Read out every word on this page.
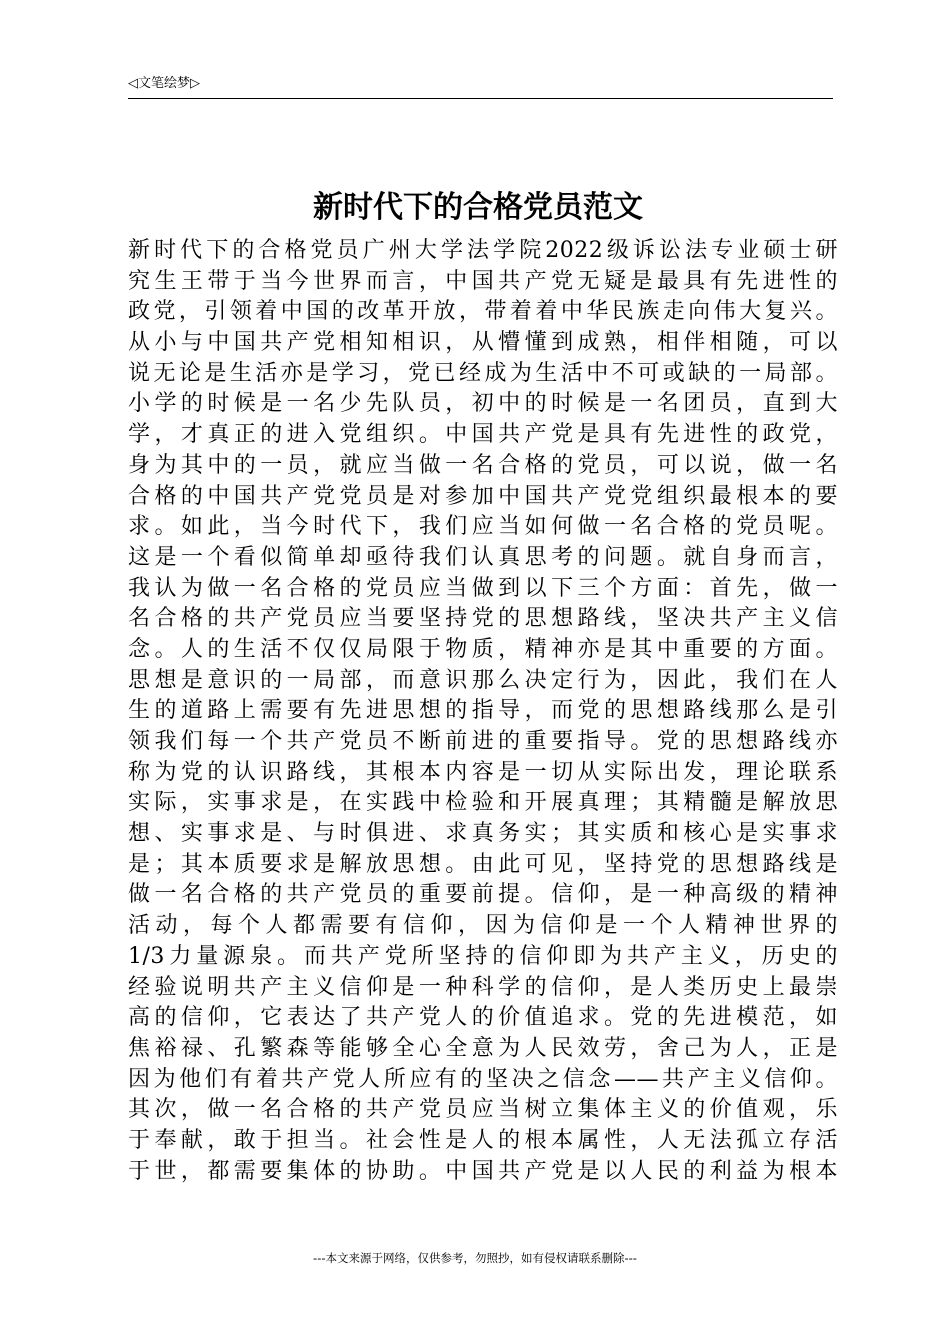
◁文笔绘梦▷
新时代下的合格党员范文
新时代下的合格党员广州大学法学院2022级诉讼法专业硕士研
究生王带于当今世界而言，中国共产党无疑是最具有先进性的
政党，引领着中国的改革开放，带着着中华民族走向伟大复兴。
从小与中国共产党相知相识，从懵懂到成熟，相伴相随，可以
说无论是生活亦是学习，党已经成为生活中不可或缺的一局部。
小学的时候是一名少先队员，初中的时候是一名团员，直到大
学，才真正的进入党组织。中国共产党是具有先进性的政党，
身为其中的一员，就应当做一名合格的党员，可以说，做一名
合格的中国共产党党员是对参加中国共产党党组织最根本的要
求。如此，当今时代下，我们应当如何做一名合格的党员呢。
这是一个看似简单却亟待我们认真思考的问题。就自身而言，
我认为做一名合格的党员应当做到以下三个方面：首先，做一
名合格的共产党员应当要坚持党的思想路线，坚决共产主义信
念。人的生活不仅仅局限于物质，精神亦是其中重要的方面。
思想是意识的一局部，而意识那么决定行为，因此，我们在人
生的道路上需要有先进思想的指导，而党的思想路线那么是引
领我们每一个共产党员不断前进的重要指导。党的思想路线亦
称为党的认识路线，其根本内容是一切从实际出发，理论联系
实际，实事求是，在实践中检验和开展真理；其精髓是解放思
想、实事求是、与时俱进、求真务实；其实质和核心是实事求
是；其本质要求是解放思想。由此可见，坚持党的思想路线是
做一名合格的共产党员的重要前提。信仰，是一种高级的精神
活动，每个人都需要有信仰，因为信仰是一个人精神世界的
1/3力量源泉。而共产党所坚持的信仰即为共产主义，历史的
经验说明共产主义信仰是一种科学的信仰，是人类历史上最崇
高的信仰，它表达了共产党人的价值追求。党的先进模范，如
焦裕禄、孔繁森等能够全心全意为人民效劳，舍己为人，正是
因为他们有着共产党人所应有的坚决之信念——共产主义信仰。
其次，做一名合格的共产党员应当树立集体主义的价值观，乐
于奉献，敢于担当。社会性是人的根本属性，人无法孤立存活
于世，都需要集体的协助。中国共产党是以人民的利益为根本
---本文来源于网络，仅供参考，勿照抄，如有侵权请联系删除---
